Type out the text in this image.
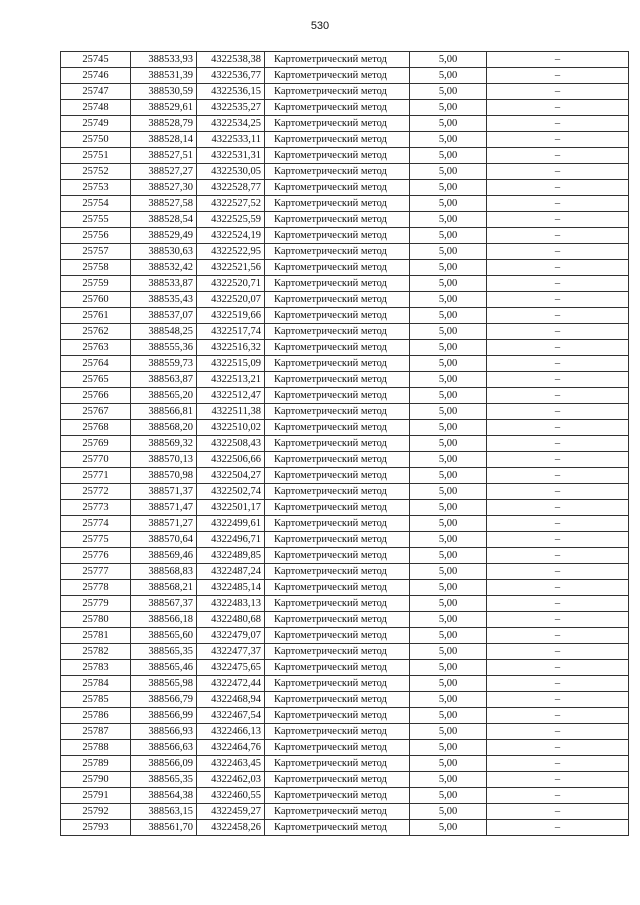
530
25745	388533,93	4322538,38	Картометрический метод	5,00	–
25746	388531,39	4322536,77	Картометрический метод	5,00	–
25747	388530,59	4322536,15	Картометрический метод	5,00	–
25748	388529,61	4322535,27	Картометрический метод	5,00	–
25749	388528,79	4322534,25	Картометрический метод	5,00	–
25750	388528,14	4322533,11	Картометрический метод	5,00	–
25751	388527,51	4322531,31	Картометрический метод	5,00	–
25752	388527,27	4322530,05	Картометрический метод	5,00	–
25753	388527,30	4322528,77	Картометрический метод	5,00	–
25754	388527,58	4322527,52	Картометрический метод	5,00	–
25755	388528,54	4322525,59	Картометрический метод	5,00	–
25756	388529,49	4322524,19	Картометрический метод	5,00	–
25757	388530,63	4322522,95	Картометрический метод	5,00	–
25758	388532,42	4322521,56	Картометрический метод	5,00	–
25759	388533,87	4322520,71	Картометрический метод	5,00	–
25760	388535,43	4322520,07	Картометрический метод	5,00	–
25761	388537,07	4322519,66	Картометрический метод	5,00	–
25762	388548,25	4322517,74	Картометрический метод	5,00	–
25763	388555,36	4322516,32	Картометрический метод	5,00	–
25764	388559,73	4322515,09	Картометрический метод	5,00	–
25765	388563,87	4322513,21	Картометрический метод	5,00	–
25766	388565,20	4322512,47	Картометрический метод	5,00	–
25767	388566,81	4322511,38	Картометрический метод	5,00	–
25768	388568,20	4322510,02	Картометрический метод	5,00	–
25769	388569,32	4322508,43	Картометрический метод	5,00	–
25770	388570,13	4322506,66	Картометрический метод	5,00	–
25771	388570,98	4322504,27	Картометрический метод	5,00	–
25772	388571,37	4322502,74	Картометрический метод	5,00	–
25773	388571,47	4322501,17	Картометрический метод	5,00	–
25774	388571,27	4322499,61	Картометрический метод	5,00	–
25775	388570,64	4322496,71	Картометрический метод	5,00	–
25776	388569,46	4322489,85	Картометрический метод	5,00	–
25777	388568,83	4322487,24	Картометрический метод	5,00	–
25778	388568,21	4322485,14	Картометрический метод	5,00	–
25779	388567,37	4322483,13	Картометрический метод	5,00	–
25780	388566,18	4322480,68	Картометрический метод	5,00	–
25781	388565,60	4322479,07	Картометрический метод	5,00	–
25782	388565,35	4322477,37	Картометрический метод	5,00	–
25783	388565,46	4322475,65	Картометрический метод	5,00	–
25784	388565,98	4322472,44	Картометрический метод	5,00	–
25785	388566,79	4322468,94	Картометрический метод	5,00	–
25786	388566,99	4322467,54	Картометрический метод	5,00	–
25787	388566,93	4322466,13	Картометрический метод	5,00	–
25788	388566,63	4322464,76	Картометрический метод	5,00	–
25789	388566,09	4322463,45	Картометрический метод	5,00	–
25790	388565,35	4322462,03	Картометрический метод	5,00	–
25791	388564,38	4322460,55	Картометрический метод	5,00	–
25792	388563,15	4322459,27	Картометрический метод	5,00	–
25793	388561,70	4322458,26	Картометрический метод	5,00	–
